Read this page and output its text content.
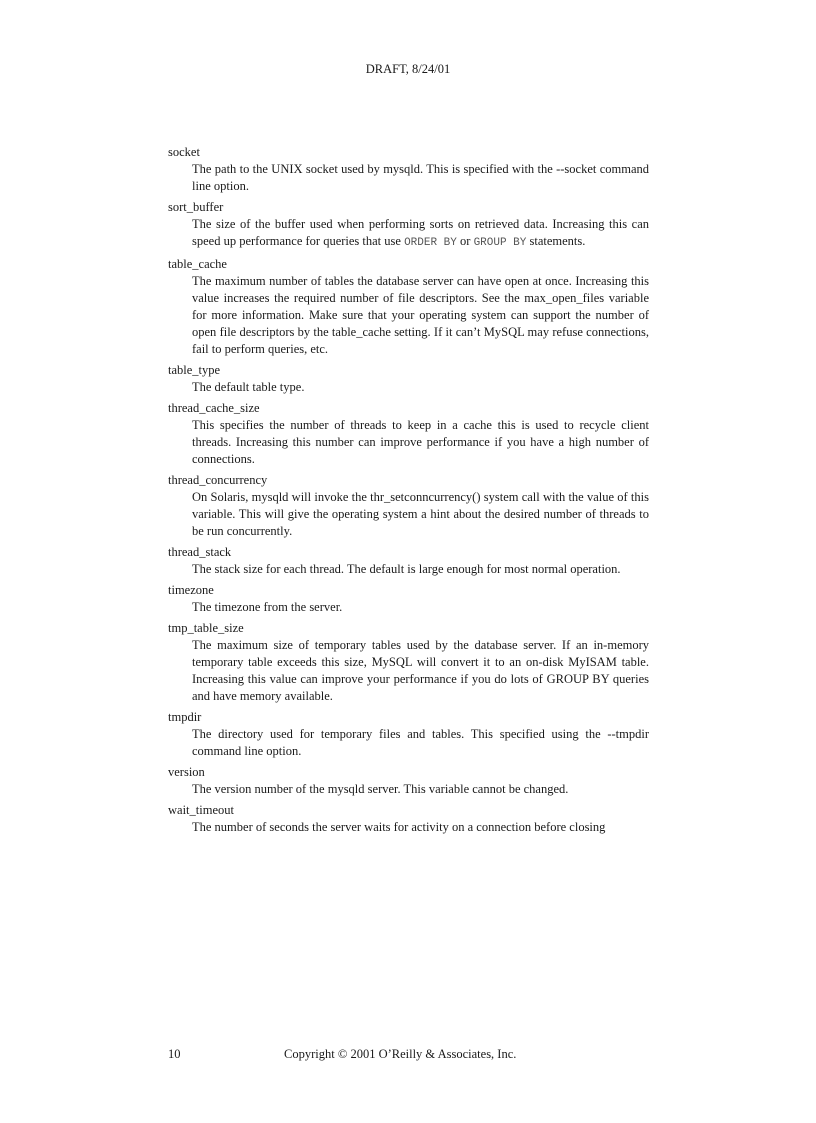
DRAFT, 8/24/01
socket
The path to the UNIX socket used by mysqld. This is specified with the --socket command line option.
sort_buffer
The size of the buffer used when performing sorts on retrieved data. Increasing this can speed up performance for queries that use ORDER BY or GROUP BY statements.
table_cache
The maximum number of tables the database server can have open at once. Increasing this value increases the required number of file descriptors. See the max_open_files variable for more information. Make sure that your operating system can support the number of open file descriptors by the table_cache setting. If it can’t MySQL may refuse connections, fail to perform queries, etc.
table_type
The default table type.
thread_cache_size
This specifies the number of threads to keep in a cache this is used to recycle client threads. Increasing this number can improve performance if you have a high number of connections.
thread_concurrency
On Solaris, mysqld will invoke the thr_setconncurrency() system call with the value of this variable. This will give the operating system a hint about the desired number of threads to be run concurrently.
thread_stack
The stack size for each thread. The default is large enough for most normal operation.
timezone
The timezone from the server.
tmp_table_size
The maximum size of temporary tables used by the database server. If an in-memory temporary table exceeds this size, MySQL will convert it to an on-disk MyISAM table. Increasing this value can improve your performance if you do lots of GROUP BY queries and have memory available.
tmpdir
The directory used for temporary files and tables. This specified using the --tmpdir command line option.
version
The version number of the mysqld server. This variable cannot be changed.
wait_timeout
The number of seconds the server waits for activity on a connection before closing
10	Copyright © 2001 O’Reilly & Associates, Inc.
